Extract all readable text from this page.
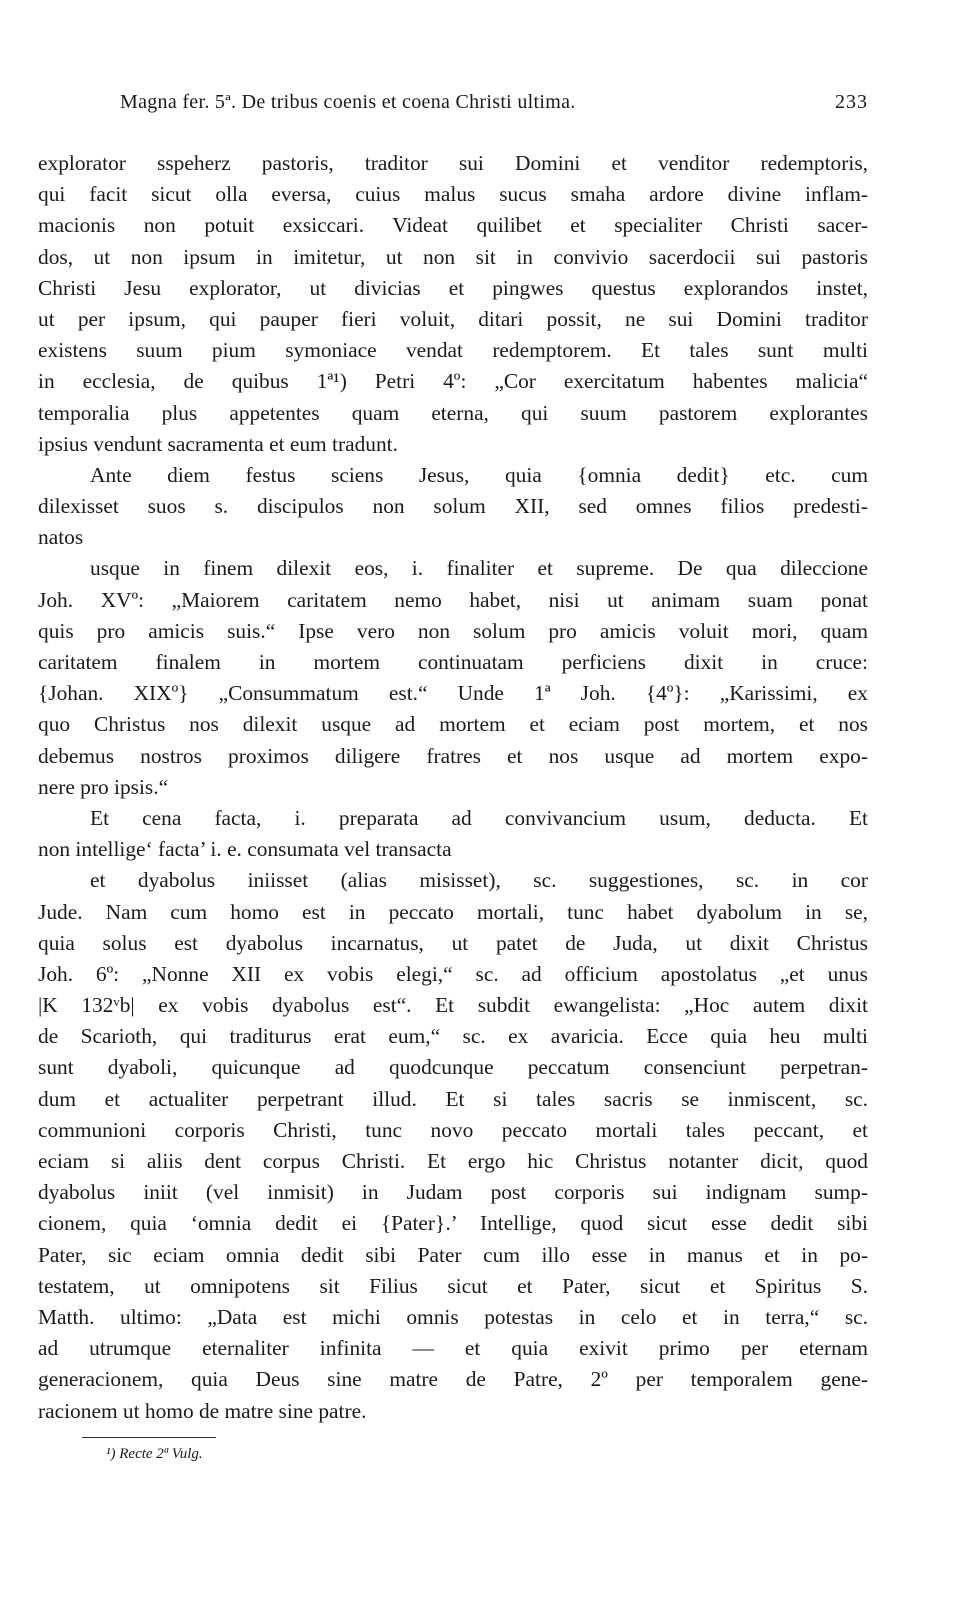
Magna fer. 5ª. De tribus coenis et coena Christi ultima.	233
explorator sspeherz pastoris, traditor sui Domini et venditor redemptoris,
qui facit sicut olla eversa, cuius malus sucus smaha ardore divine inflam-
macionis non potuit exsiccari. Videat quilibet et specialiter Christi sacer-
dos, ut non ipsum in imitetur, ut non sit in convivio sacerdocii sui pastoris
Christi Jesu explorator, ut divicias et pingwes questus explorandos instet,
ut per ipsum, qui pauper fieri voluit, ditari possit, ne sui Domini traditor
existens suum pium symoniace vendat redemptorem. Et tales sunt multi
in ecclesia, de quibus 1ª¹) Petri 4º: „Cor exercitatum habentes malicia“
temporalia plus appetentes quam eterna, qui suum pastorem explorantes
ipsius vendunt sacramenta et eum tradunt.
Ante diem festus sciens Jesus, quia {omnia dedit} etc. cum
dilexisset suos s. discipulos non solum XII, sed omnes filios predesti-
natos
usque in finem dilexit eos, i. finaliter et supreme. De qua dileccione
Joh. XVº: „Maiorem caritatem nemo habet, nisi ut animam suam ponat
quis pro amicis suis.“ Ipse vero non solum pro amicis voluit mori, quam
caritatem finalem in mortem continuatam perficiens dixit in cruce:
{Johan. XIXº} „Consummatum est.“ Unde 1ª Joh. {4º}: „Karissimi, ex
quo Christus nos dilexit usque ad mortem et eciam post mortem, et nos
debemus nostros proximos diligere fratres et nos usque ad mortem expo-
nere pro ipsis.“
Et cena facta, i. preparata ad convivancium usum, deducta. Et
non intellige‘ facta’ i. e. consumata vel transacta
et dyabolus iniisset (alias misisset), sc. suggestiones, sc. in cor
Jude. Nam cum homo est in peccato mortali, tunc habet dyabolum in se,
quia solus est dyabolus incarnatus, ut patet de Juda, ut dixit Christus
Joh. 6º: „Nonne XII ex vobis elegi,“ sc. ad officium apostolatus „et unus
|K 132ᵛb| ex vobis dyabolus est“. Et subdit ewangelista: „Hoc autem dixit
de Scarioth, qui traditurus erat eum,“ sc. ex avaricia. Ecce quia heu multi
sunt dyaboli, quicunque ad quodcunque peccatum consenciunt perpetran-
dum et actualiter perpetrant illud. Et si tales sacris se inmiscent, sc.
communioni corporis Christi, tunc novo peccato mortali tales peccant, et
eciam si aliis dent corpus Christi. Et ergo hic Christus notanter dicit, quod
dyabolus iniit (vel inmisit) in Judam post corporis sui indignam sump-
cionem, quia ‘omnia dedit ei {Pater}.’ Intellige, quod sicut esse dedit sibi
Pater, sic eciam omnia dedit sibi Pater cum illo esse in manus et in po-
testatem, ut omnipotens sit Filius sicut et Pater, sicut et Spiritus S.
Matth. ultimo: „Data est michi omnis potestas in celo et in terra,“ sc.
ad utrumque eternaliter infinita — et quia exivit primo per eternam
generacionem, quia Deus sine matre de Patre, 2º per temporalem gene-
racionem ut homo de matre sine patre.
¹) Recte 2ª Vulg.
